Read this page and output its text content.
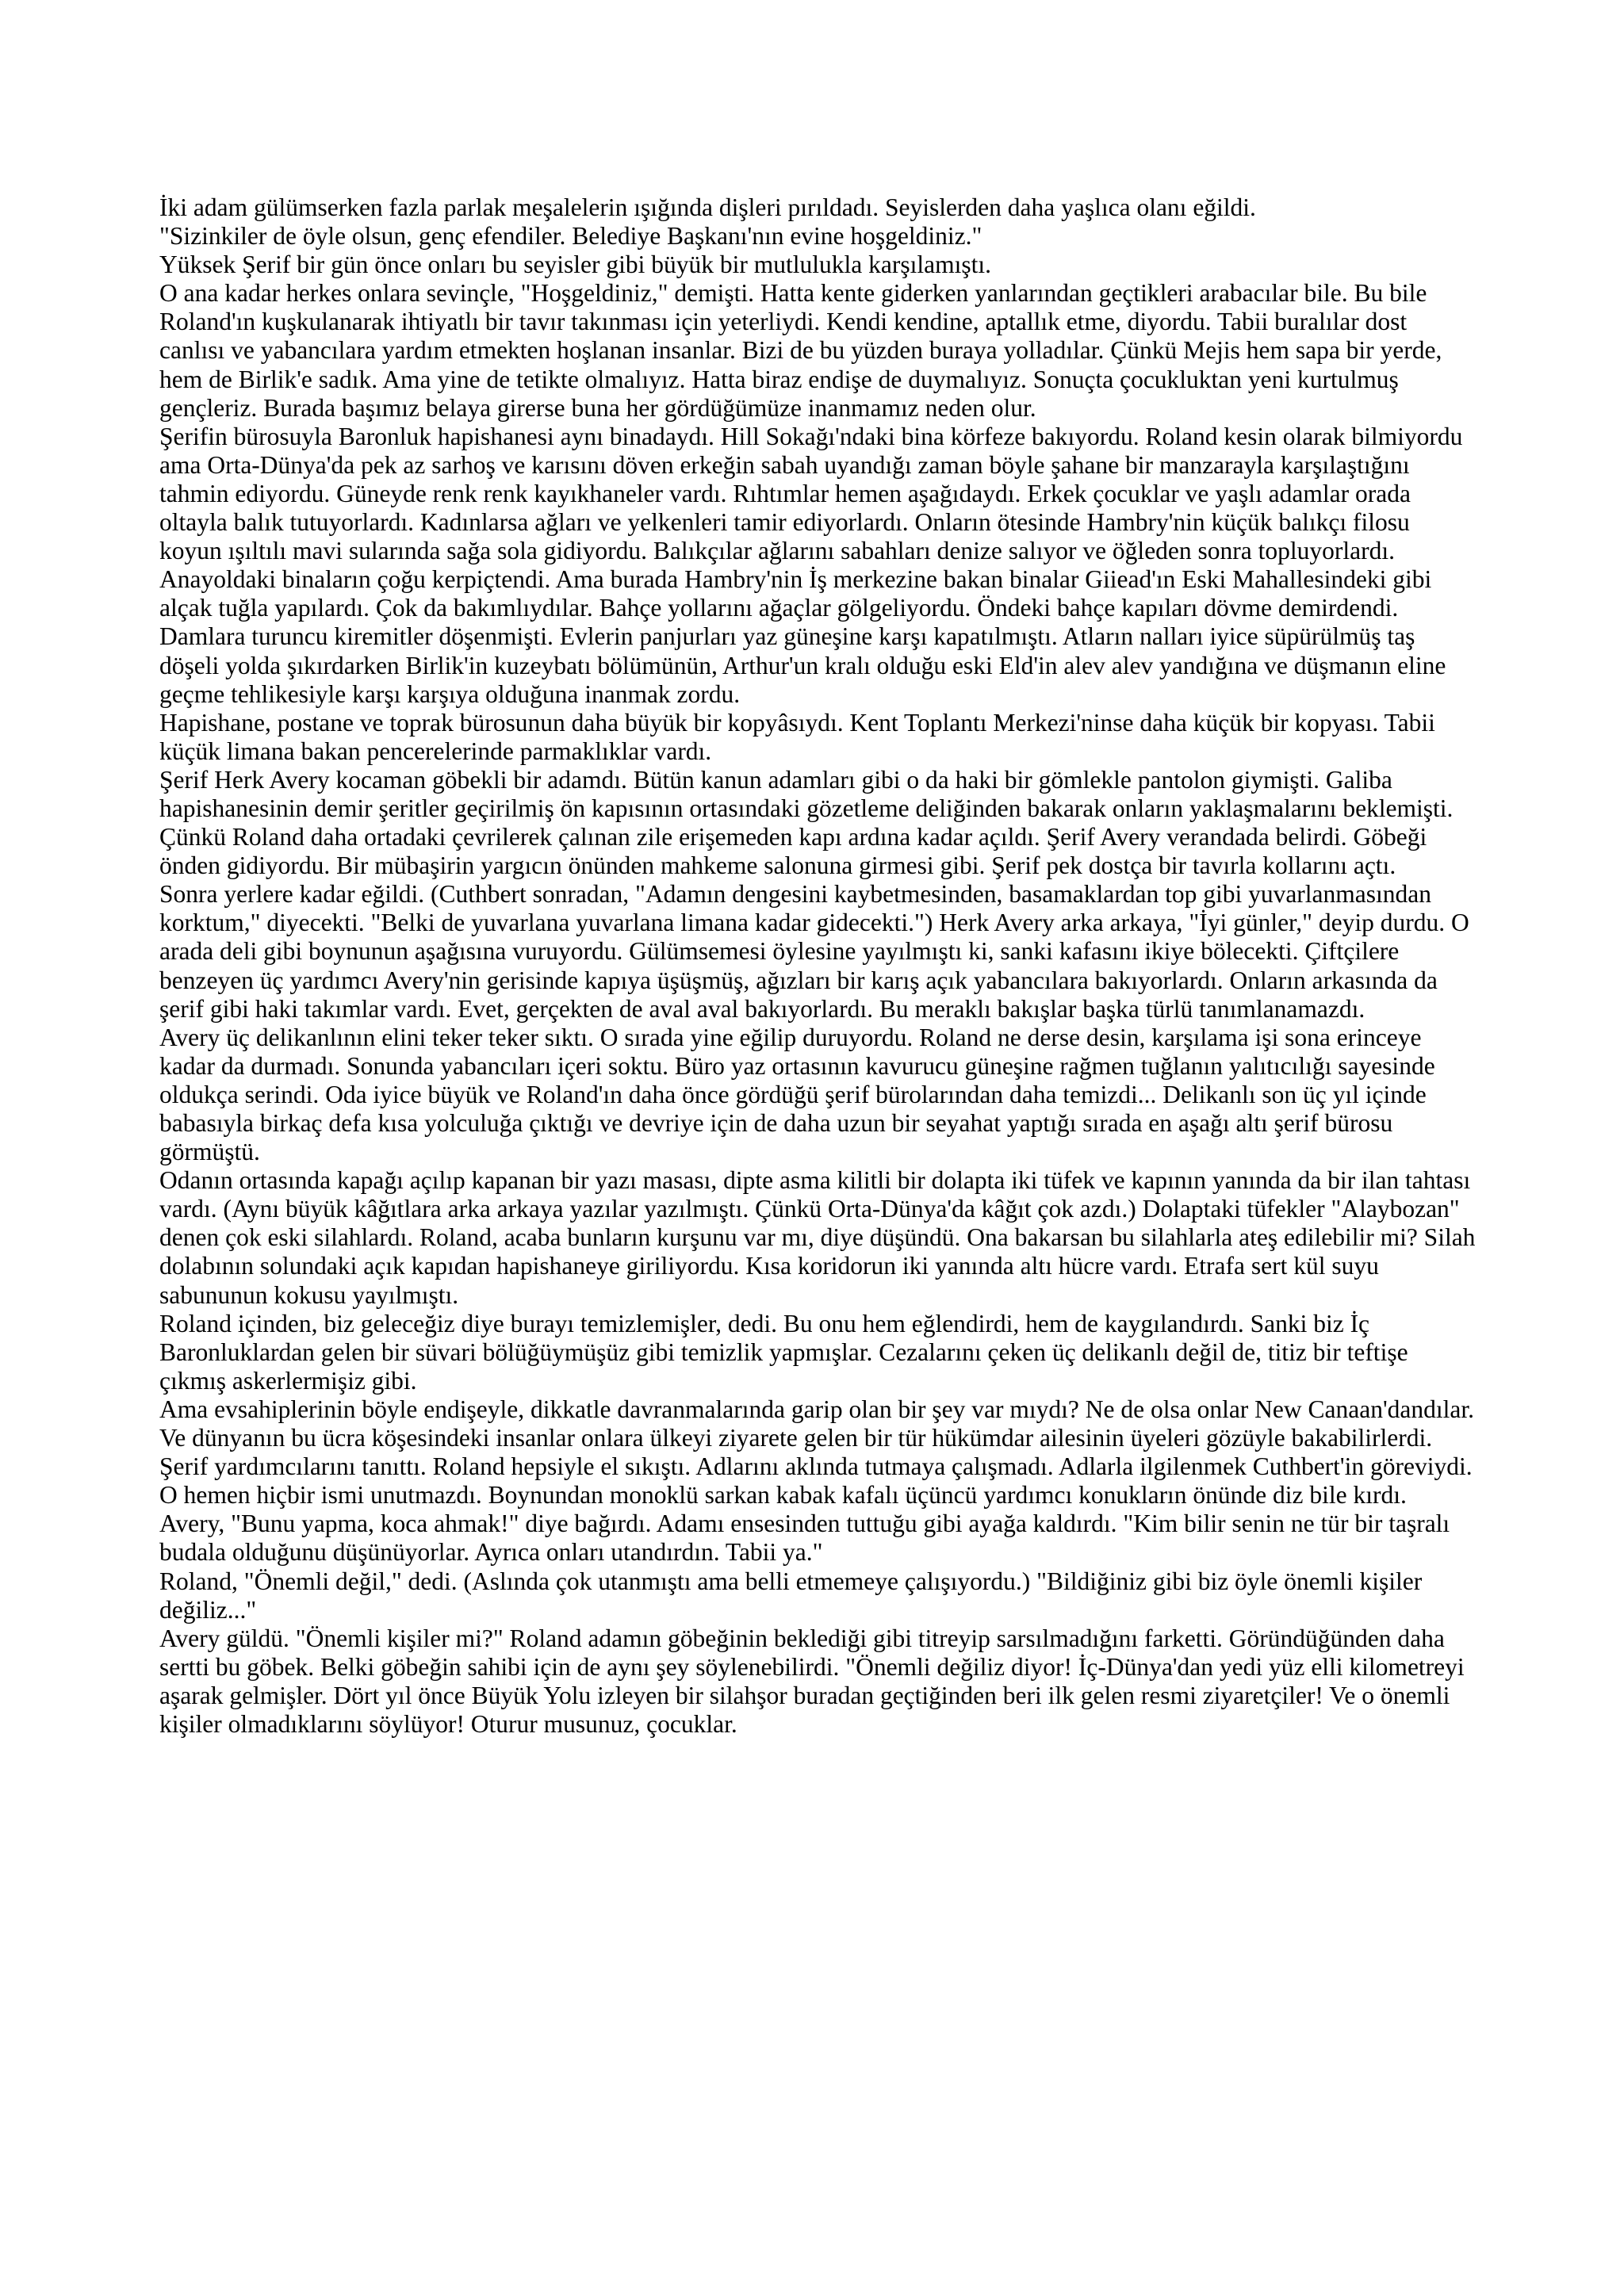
İki adam gülümserken fazla parlak meşalelerin ışığında dişleri pırıldadı. Seyislerden daha yaşlıca olanı eğildi.

"Sizinkiler de öyle olsun, genç efendiler. Belediye Başkanı'nın evine hoşgeldiniz."

Yüksek Şerif bir gün önce onları bu seyisler gibi büyük bir mutlulukla karşılamıştı.

O ana kadar herkes onlara sevinçle, "Hoşgeldiniz," demişti. Hatta kente giderken yanlarından geçtikleri arabacılar bile. Bu bile Roland'ın kuşkulanarak ihtiyatlı bir tavır takınması için yeterliydi. Kendi kendine, aptallık etme, diyordu. Tabii buralılar dost canlısı ve yabancılara yardım etmekten hoşlanan insanlar. Bizi de bu yüzden buraya yolladılar. Çünkü Mejis hem sapa bir yerde, hem de Birlik'e sadık. Ama yine de tetikte olmalıyız. Hatta biraz endişe de duymalıyız. Sonuçta çocukluktan yeni kurtulmuş gençleriz. Burada başımız belaya girerse buna her gördüğümüze inanmamız neden olur.

Şerifin bürosuyla Baronluk hapishanesi aynı binadaydı. Hill Sokağı'ndaki bina körfeze bakıyordu. Roland kesin olarak bilmiyordu ama Orta-Dünya'da pek az sarhoş ve karısını döven erkeğin sabah uyandığı zaman böyle şahane bir manzarayla karşılaştığını tahmin ediyordu. Güneyde renk renk kayıkhaneler vardı. Rıhtımlar hemen aşağıdaydı. Erkek çocuklar ve yaşlı adamlar orada oltayla balık tutuyorlardı. Kadınlarsa ağları ve yelkenleri tamir ediyorlardı. Onların ötesinde Hambry'nin küçük balıkçı filosu koyun ışıltılı mavi sularında sağa sola gidiyordu. Balıkçılar ağlarını sabahları denize salıyor ve öğleden sonra topluyorlardı.

Anayoldaki binaların çoğu kerpiçtendi. Ama burada Hambry'nin İş merkezine bakan binalar Giiead'ın Eski Mahallesindeki gibi alçak tuğla yapılardı. Çok da bakımlıydılar. Bahçe yollarını ağaçlar gölgeliyordu. Öndeki bahçe kapıları dövme demirdendi. Damlara turuncu kiremitler döşenmişti. Evlerin panjurları yaz güneşine karşı kapatılmıştı. Atların nalları iyice süpürülmüş taş döşeli yolda şıkırdarken Birlik'in kuzeybatı bölümünün, Arthur'un kralı olduğu eski Eld'in alev alev yandığına ve düşmanın eline geçme tehlikesiyle karşı karşıya olduğuna inanmak zordu.

Hapishane, postane ve toprak bürosunun daha büyük bir kopyâsıydı. Kent Toplantı Merkezi'ninse daha küçük bir kopyası. Tabii küçük limana bakan pencerelerinde parmaklıklar vardı.

Şerif Herk Avery kocaman göbekli bir adamdı. Bütün kanun adamları gibi o da haki bir gömlekle pantolon giymişti. Galiba hapishanesinin demir şeritler geçirilmiş ön kapısının ortasındaki gözetleme deliğinden bakarak onların yaklaşmalarını beklemişti. Çünkü Roland daha ortadaki çevrilerek çalınan zile erişemeden kapı ardına kadar açıldı. Şerif Avery verandada belirdi. Göbeği önden gidiyordu. Bir mübaşirin yargıcın önünden mahkeme salonuna girmesi gibi. Şerif pek dostça bir tavırla kollarını açtı.

Sonra yerlere kadar eğildi. (Cuthbert sonradan, "Adamın dengesini kaybetmesinden, basamaklardan top gibi yuvarlanmasından korktum," diyecekti. "Belki de yuvarlana yuvarlana limana kadar gidecekti.") Herk Avery arka arkaya, "İyi günler," deyip durdu. O arada deli gibi boynunun aşağısına vuruyordu. Gülümsemesi öylesine yayılmıştı ki, sanki kafasını ikiye bölecekti. Çiftçilere benzeyen üç yardımcı Avery'nin gerisinde kapıya üşüşmüş, ağızları bir karış açık yabancılara bakıyorlardı. Onların arkasında da şerif gibi haki takımlar vardı. Evet, gerçekten de aval aval bakıyorlardı. Bu meraklı bakışlar başka türlü tanımlanamazdı.

Avery üç delikanlının elini teker teker sıktı. O sırada yine eğilip duruyordu. Roland ne derse desin, karşılama işi sona erinceye kadar da durmadı. Sonunda yabancıları içeri soktu. Büro yaz ortasının kavurucu güneşine rağmen tuğlanın yalıtıcılığı sayesinde oldukça serindi. Oda iyice büyük ve Roland'ın daha önce gördüğü şerif bürolarından daha temizdi... Delikanlı son üç yıl içinde babasıyla birkaç defa kısa yolculuğa çıktığı ve devriye için de daha uzun bir seyahat yaptığı sırada en aşağı altı şerif bürosu görmüştü.

Odanın ortasında kapağı açılıp kapanan bir yazı masası, dipte asma kilitli bir dolapta iki tüfek ve kapının yanında da bir ilan tahtası vardı. (Aynı büyük kâğıtlara arka arkaya yazılar yazılmıştı. Çünkü Orta-Dünya'da kâğıt çok azdı.) Dolaptaki tüfekler "Alaybozan" denen çok eski silahlardı. Roland, acaba bunların kurşunu var mı, diye düşündü. Ona bakarsan bu silahlarla ateş edilebilir mi? Silah dolabının solundaki açık kapıdan hapishaneye giriliyordu. Kısa koridorun iki yanında altı hücre vardı. Etrafa sert kül suyu sabununun kokusu yayılmıştı.

Roland içinden, biz geleceğiz diye burayı temizlemişler, dedi. Bu onu hem eğlendirdi, hem de kaygılandırdı. Sanki biz İç Baronluklardan gelen bir süvari bölüğüymüşüz gibi temizlik yapmışlar. Cezalarını çeken üç delikanlı değil de, titiz bir teftişe çıkmış askerlermişiz gibi.

Ama evsahiplerinin böyle endişeyle, dikkatle davranmalarında garip olan bir şey var mıydı? Ne de olsa onlar New Canaan'dandılar. Ve dünyanın bu ücra köşesindeki insanlar onlara ülkeyi ziyarete gelen bir tür hükümdar ailesinin üyeleri gözüyle bakabilirlerdi.

Şerif yardımcılarını tanıttı. Roland hepsiyle el sıkıştı. Adlarını aklında tutmaya çalışmadı. Adlarla ilgilenmek Cuthbert'in göreviydi. O hemen hiçbir ismi unutmazdı. Boynundan monoklü sarkan kabak kafalı üçüncü yardımcı konukların önünde diz bile kırdı.

Avery, "Bunu yapma, koca ahmak!" diye bağırdı. Adamı ensesinden tuttuğu gibi ayağa kaldırdı. "Kim bilir senin ne tür bir taşralı budala olduğunu düşünüyorlar. Ayrıca onları utandırdın. Tabii ya."

Roland, "Önemli değil," dedi. (Aslında çok utanmıştı ama belli etmemeye çalışıyordu.) "Bildiğiniz gibi biz öyle önemli kişiler değiliz..."

Avery güldü. "Önemli kişiler mi?" Roland adamın göbeğinin beklediği gibi titreyip sarsılmadığını farketti. Göründüğünden daha sertti bu göbek. Belki göbeğin sahibi için de aynı şey söylenebilirdi. "Önemli değiliz diyor! İç-Dünya'dan yedi yüz elli kilometreyi aşarak gelmişler. Dört yıl önce Büyük Yolu izleyen bir silahşor buradan geçtiğinden beri ilk gelen resmi ziyaretçiler! Ve o önemli kişiler olmadıklarını söylüyor! Oturur musunuz, çocuklar.
